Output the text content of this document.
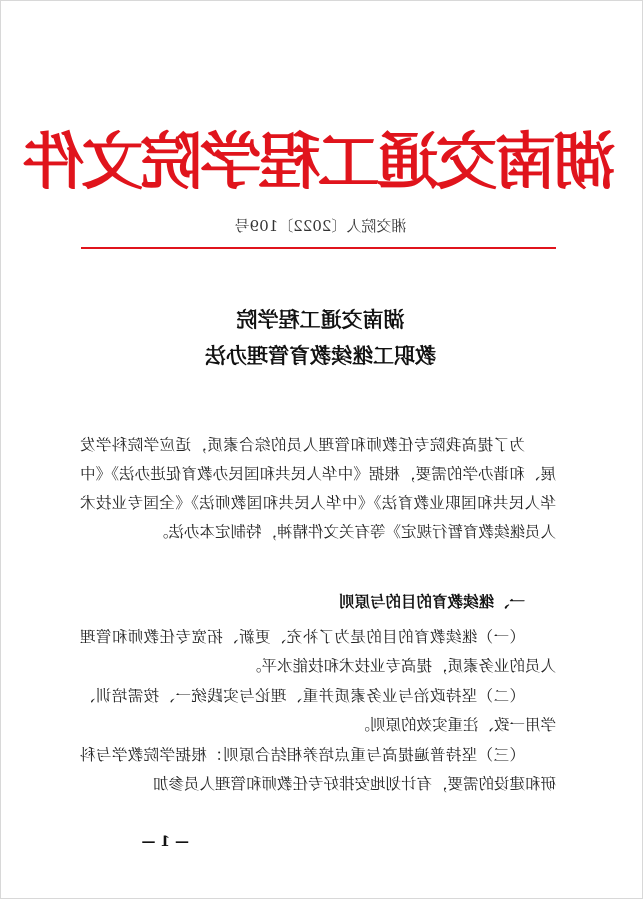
湖南交通工程学院文件
湘交院人〔2022〕109号
湖南交通工程学院
教职工继续教育管理办法
为了提高我院专任教师和管理人员的综合素质，适应学院科学发展、和谐办学的需要，根据《中华人民共和国民办教育促进办法》《中华人民共和国职业教育法》《中华人民共和国教师法》《全国专业技术人员继续教育暂行规定》等有关文件精神，特制定本办法。
一、继续教育的目的与原则
（一）继续教育的目的是为了补充、更新、拓宽专任教师和管理人员的业务素质，提高专业技术和技能水平。
（二）坚持政治与业务素质并重、理论与实践统一、按需培训、学用一致、注重实效的原则。
（三）坚持普遍提高与重点培养相结合原则：根据学院教学与科研和建设的需要，有计划地安排好专任教师和管理人员参加
— 1 —
